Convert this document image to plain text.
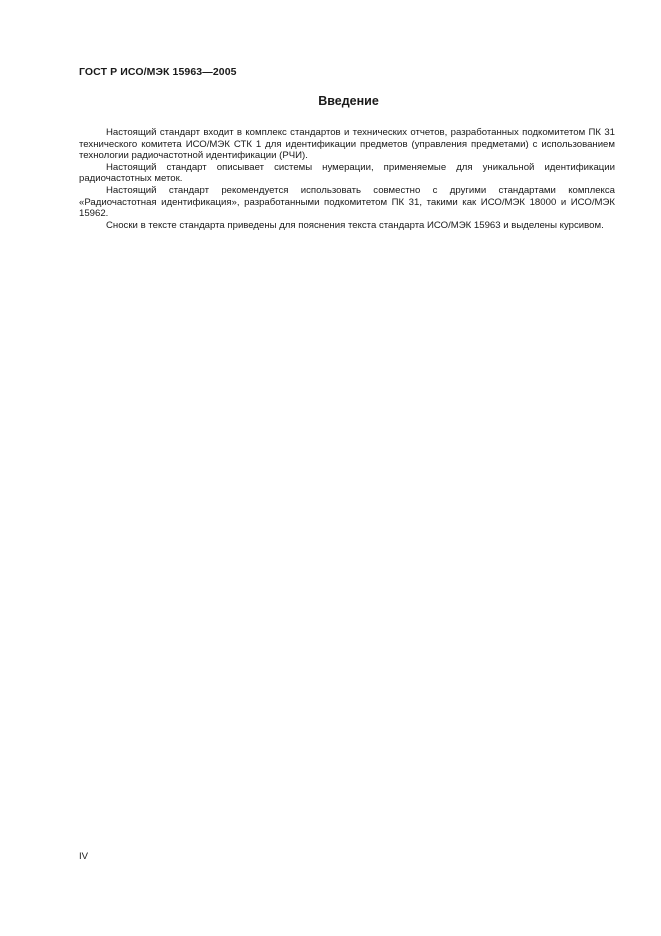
ГОСТ Р ИСО/МЭК 15963—2005
Введение

Настоящий стандарт входит в комплекс стандартов и технических отчетов, разработанных подкомитетом ПК 31 технического комитета ИСО/МЭК СТК 1 для идентификации предметов (управления предметами) с использованием технологии радиочастотной идентификации (РЧИ).

Настоящий стандарт описывает системы нумерации, применяемые для уникальной идентификации радиочастотных меток.

Настоящий стандарт рекомендуется использовать совместно с другими стандартами комплекса «Радиочастотная идентификация», разработанными подкомитетом ПК 31, такими как ИСО/МЭК 18000 и ИСО/МЭК 15962.

Сноски в тексте стандарта приведены для пояснения текста стандарта ИСО/МЭК 15963 и выделены курсивом.

IV
